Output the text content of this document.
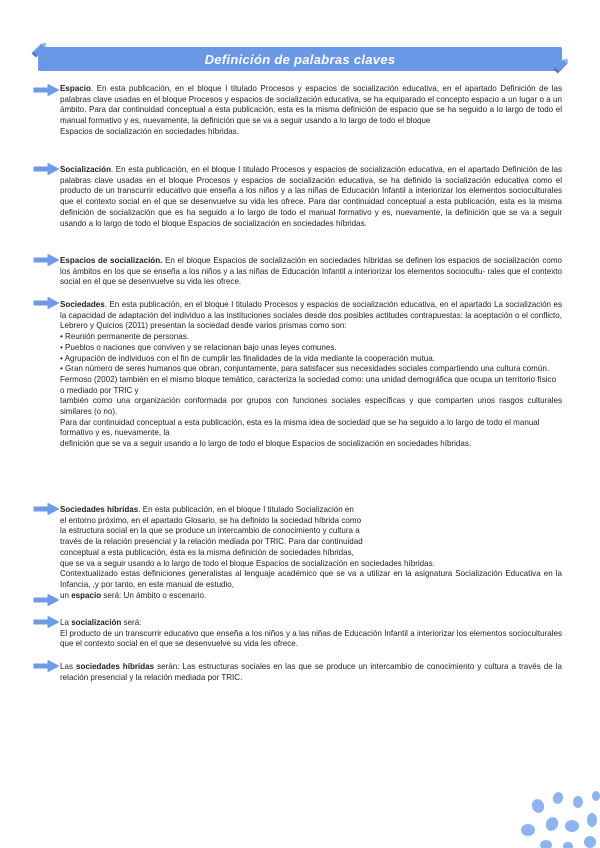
Definición de palabras claves

Espacio. En esta publicación, en el bloque I titulado Procesos y espacios de socialización educativa, en el apartado Definición de las palabras clave usadas en el bloque Procesos y espacios de socialización educativa, se ha equiparado el concepto espacio a un lugar o a un ámbito. Para dar continuidad conceptual a esta publicación, esta es la misma definición de espacio que se ha seguido a lo largo de todo el manual formativo y es, nuevamente, la definición que se va a seguir usando a lo largo de todo el bloque

Espacios de socialización en sociedades híbridas.

Socialización. En esta publicación, en el bloque I titulado Procesos y espacios de socialización educativa, en el apartado Definición de las palabras clave usadas en el bloque Procesos y espacios de socialización educativa, se ha definido la socialización educativa como el producto de un transcurrir educativo que enseña a los niños y a las niñas de Educación Infantil a interiorizar los elementos socioculturales que el contexto social en el que se desenvuelve su vida les ofrece. Para dar continuidad conceptual a esta publicación, esta es la misma definición de socialización que es ha seguido a lo largo de todo el manual formativo y es, nuevamente, la definición que se va a seguir usando a lo largo de todo el bloque Espacios de socialización en sociedades híbridas.

Espacios de socialización. En el bloque Espacios de socialización en sociedades híbridas se definen los espacios de socialización como los ámbitos en los que se enseña a los niños y a las niñas de Educación Infantil a interiorizar los elementos sociocultu- rales que el contexto social en el que se desenvuelve su vida les ofrece.

Sociedades. En esta publicación, en el bloque I titulado Procesos y espacios de socialización educativa, en el apartado La socialización es la capacidad de adaptación del individuo a las instituciones sociales desde dos posibles actitudes contrapuestas: la aceptación o el conflicto, Lebrero y Quicios (2011) presentan la sociedad desde varios prismas como son:

• Reunión permanente de personas.

• Pueblos o naciones que conviven y se relacionan bajo unas leyes comunes.

• Agrupación de individuos con el fin de cumplir las finalidades de la vida mediante la cooperación mutua.

• Gran número de seres humanos que obran, conjuntamente, para satisfacer sus necesidades sociales compartiendo una cultura común.

Fermoso (2002) también en el mismo bloque temático, caracteriza la sociedad como: una unidad demográfica que ocupa un territorio físico o mediado por TRIC y

también como una organización conformada por grupos con funciones sociales específicas y que comparten unos rasgos culturales similares (o no).

Para dar continuidad conceptual a esta publicación, esta es la misma idea de sociedad que se ha seguido a lo largo de todo el manual formativo y es, nuevamente, la

definición que se va a seguir usando a lo largo de todo el bloque Espacios de socialización en sociedades híbridas.

Sociedades híbridas. En esta publicación, en el bloque I titulado Socialización en

el entorno próximo, en el apartado Glosario, se ha definido la sociedad híbrida como

la estructura social en la que se produce un intercambio de conocimiento y cultura a

través de la relación presencial y la relación mediada por TRIC. Para dar continuidad

conceptual a esta publicación, ésta es la misma definición de sociedades híbridas,

que se va a seguir usando a lo largo de todo el bloque Espacios de socialización en sociedades híbridas.

Contextualizado estas definiciones generalistas al lenguaje académico que se va a utilizar en la asignatura Socialización Educativa en la Infancia, ,y por tanto, en este manual de estudio,

un espacio será: Un ámbito o escenario.

La socialización será:

El producto de un transcurrir educativo que enseña a los niños y a las niñas de Educación Infantil a interiorizar los elementos socioculturales que el contexto social en el que se desenvuelve su vida les ofrece.

Las sociedades híbridas serán: Las estructuras sociales en las que se produce un intercambio de conocimiento y cultura a través de la relación presencial y la relación mediada por TRIC.
